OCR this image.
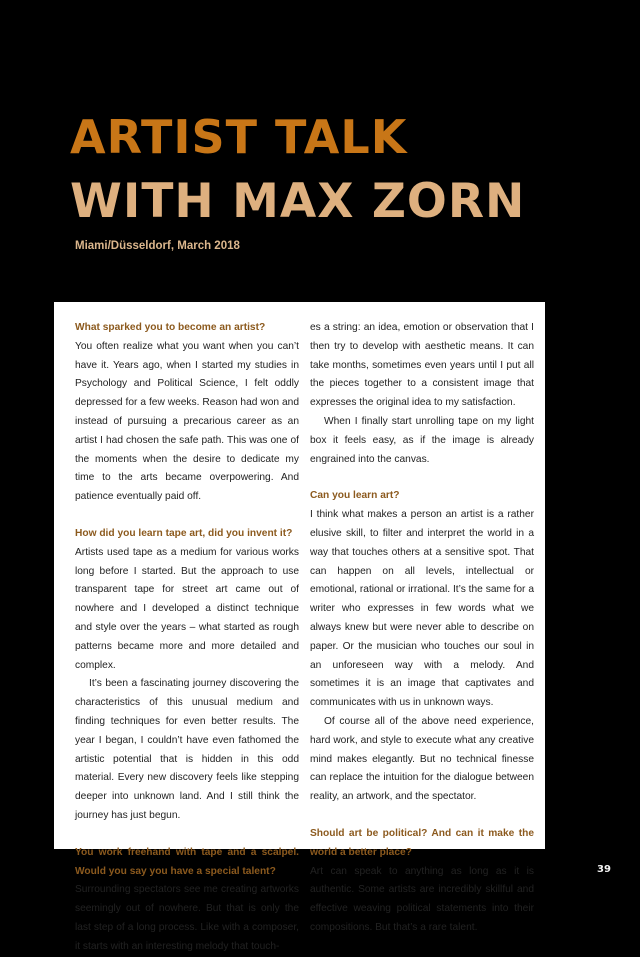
ARTIST TALK
WITH MAX ZORN

Miami/Düsseldorf, March 2018

What sparked you to become an artist?

You often realize what you want when you can’t have it. Years ago, when I started my studies in Psychology and Political Science, I felt oddly depressed for a few weeks. Reason had won and instead of pursuing a precarious career as an artist I had chosen the safe path. This was one of the moments when the desire to dedicate my time to the arts became overpowering. And patience eventually paid off.

How did you learn tape art, did you invent it?

Artists used tape as a medium for various works long before I started. But the approach to use transparent tape for street art came out of nowhere and I developed a distinct technique and style over the years – what started as rough patterns became more and more detailed and complex.

It’s been a fascinating journey discovering the characteristics of this unusual medium and finding techniques for even better results. The year I began, I couldn’t have even fathomed the artistic potential that is hidden in this odd material. Every new discovery feels like stepping deeper into unknown land. And I still think the journey has just begun.

You work freehand with tape and a scalpel. Would you say you have a special talent?

Surrounding spectators see me creating artworks seemingly out of nowhere. But that is only the last step of a long process. Like with a composer, it starts with an interesting melody that touch-

es a string: an idea, emotion or observation that I then try to develop with aesthetic means. It can take months, sometimes even years until I put all the pieces together to a consistent image that expresses the original idea to my satisfaction.

When I finally start unrolling tape on my light box it feels easy, as if the image is already engrained into the canvas.

Can you learn art?

I think what makes a person an artist is a rather elusive skill, to filter and interpret the world in a way that touches others at a sensitive spot. That can happen on all levels, intellectual or emotional, rational or irrational. It’s the same for a writer who expresses in few words what we always knew but were never able to describe on paper. Or the musician who touches our soul in an unforeseen way with a melody. And sometimes it is an image that captivates and communicates with us in unknown ways.

Of course all of the above need experience, hard work, and style to execute what any creative mind makes elegantly. But no technical finesse can replace the intuition for the dialogue between reality, an artwork, and the spectator.

Should art be political? And can it make the world a better place?

Art can speak to anything as long as it is authentic. Some artists are incredibly skillful and effective weaving political statements into their compositions. But that’s a rare talent.

39
